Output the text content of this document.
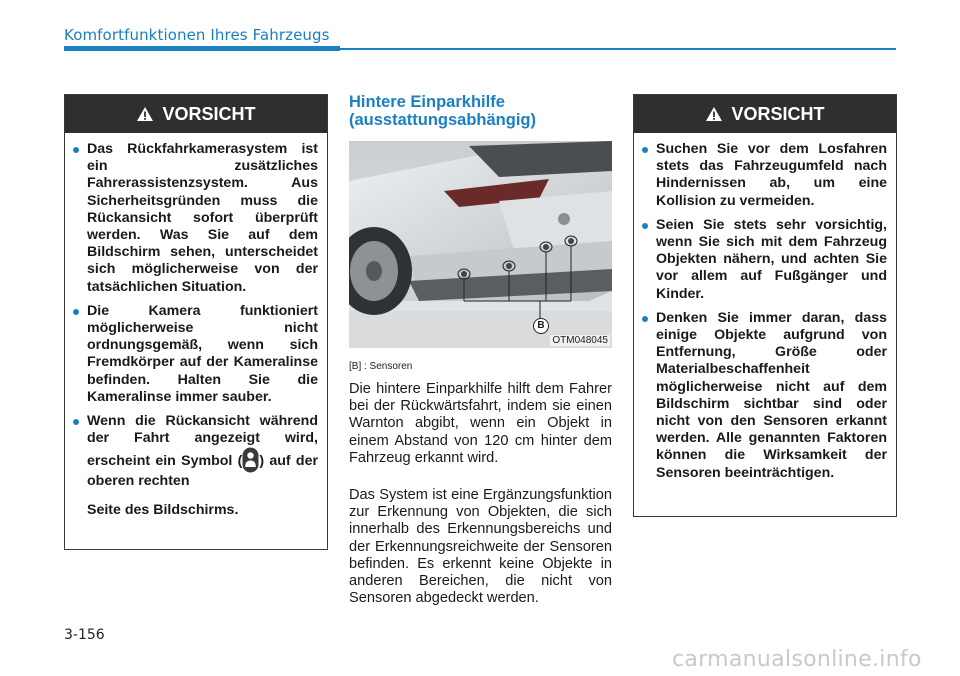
Komfortfunktionen Ihres Fahrzeugs
VORSICHT
Das Rückfahrkamerasystem ist ein zusätzliches Fahrerassistenzsystem. Aus Sicherheitsgründen muss die Rückansicht sofort überprüft werden. Was Sie auf dem Bildschirm sehen, unterscheidet sich möglicherweise von der tatsächlichen Situation.
Die Kamera funktioniert möglicherweise nicht ordnungsgemäß, wenn sich Fremdkörper auf der Kameralinse befinden. Halten Sie die Kameralinse immer sauber.
Wenn die Rückansicht während der Fahrt angezeigt wird, erscheint ein Symbol ( ) auf der oberen rechten
Seite des Bildschirms.
Hintere Einparkhilfe
(ausstattungsabhängig)
B
OTM048045
[B] : Sensoren
Die hintere Einparkhilfe hilft dem Fahrer bei der Rückwärtsfahrt, indem sie einen Warnton abgibt, wenn ein Objekt in einem Abstand von 120 cm hinter dem Fahrzeug erkannt wird.
Das System ist eine Ergänzungsfunktion zur Erkennung von Objekten, die sich innerhalb des Erkennungsbereichs und der Erkennungsreichweite der Sensoren befinden. Es erkennt keine Objekte in anderen Bereichen, die nicht von Sensoren abgedeckt werden.
VORSICHT
Suchen Sie vor dem Losfahren stets das Fahrzeugumfeld nach Hindernissen ab, um eine Kollision zu vermeiden.
Seien Sie stets sehr vorsichtig, wenn Sie sich mit dem Fahrzeug Objekten nähern, und achten Sie vor allem auf Fußgänger und Kinder.
Denken Sie immer daran, dass einige Objekte aufgrund von Entfernung, Größe oder Materialbeschaffenheit möglicherweise nicht auf dem Bildschirm sichtbar sind oder nicht von den Sensoren erkannt werden. Alle genannten Faktoren können die Wirksamkeit der Sensoren beeinträchtigen.
3-156
carmanualsonline.info
